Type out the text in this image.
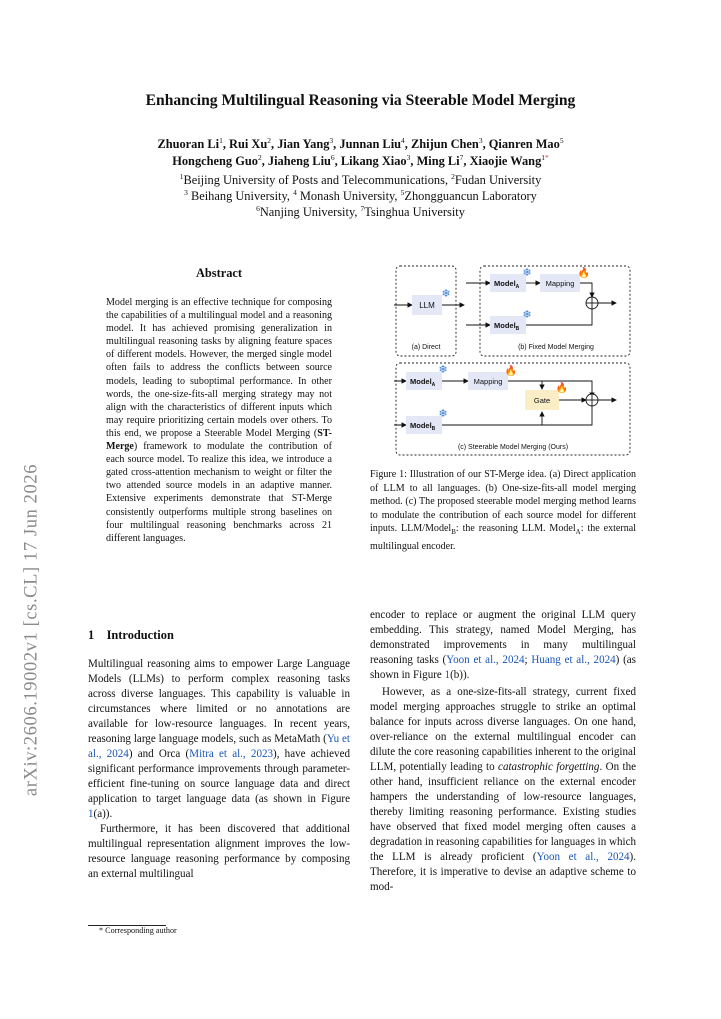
Enhancing Multilingual Reasoning via Steerable Model Merging
Zhuoran Li$^1$, Rui Xu$^2$, Jian Yang$^3$, Junnan Liu$^4$, Zhijun Chen$^3$, Qianren Mao$^5$
Hongcheng Guo$^2$, Jiaheng Liu$^6$, Likang Xiao$^3$, Ming Li$^7$, Xiaojie Wang$^{1*}$
$^1$Beijing University of Posts and Telecommunications, $^2$Fudan University
$^3$ Beihang University, $^4$ Monash University, $^5$Zhongguancun Laboratory
$^6$Nanjing University, $^7$Tsinghua University
arXiv:2606.19002v1 [cs.CL] 17 Jun 2026
Abstract
Model merging is an effective technique for composing the capabilities of a multilingual model and a reasoning model. It has achieved promising generalization in multilingual reasoning tasks by aligning feature spaces of different models. However, the merged single model often fails to address the conflicts between source models, leading to suboptimal performance. In other words, the one-size-fits-all merging strategy may not align with the characteristics of different inputs which may require prioritizing certain models over others. To this end, we propose a Steerable Model Merging (ST-Merge) framework to modulate the contribution of each source model. To realize this idea, we introduce a gated cross-attention mechanism to weight or filter the two attended source models in an adaptive manner. Extensive experiments demonstrate that ST-Merge consistently outperforms multiple strong baselines on four multilingual reasoning benchmarks across 21 different languages.
1 Introduction

Multilingual reasoning aims to empower Large Language Models (LLMs) to perform complex reasoning tasks across diverse languages. This capability is valuable in circumstances where limited or no annotations are available for low-resource languages. In recent years, reasoning large language models, such as MetaMath (Yu et al., 2024) and Orca (Mitra et al., 2023), have achieved significant performance improvements through parameter-efficient fine-tuning on source language data and direct application to target language data (as shown in Figure 1(a)).

Furthermore, it has been discovered that additional multilingual representation alignment improves the low-resource language reasoning performance by composing an external multilingual

* Corresponding author
LLM
❄
(a) Direct
Model$_A$
❄
Mapping
🔥
Model$_B$
❄
(b) Fixed Model Merging
Model$_A$
❄
Mapping
🔥
Gate
🔥
Model$_B$
❄
(c) Steerable Model Merging (Ours)
Figure 1: Illustration of our ST-Merge idea. (a) Direct application of LLM to all languages. (b) One-size-fits-all model merging method. (c) The proposed steerable model merging method learns to modulate the contribution of each source model for different inputs. LLM/Model$_B$: the reasoning LLM. Model$_A$: the external multilingual encoder.

encoder to replace or augment the original LLM query embedding. This strategy, named Model Merging, has demonstrated improvements in many multilingual reasoning tasks (Yoon et al., 2024; Huang et al., 2024) (as shown in Figure 1(b)).

However, as a one-size-fits-all strategy, current fixed model merging approaches struggle to strike an optimal balance for inputs across diverse languages. On one hand, over-reliance on the external multilingual encoder can dilute the core reasoning capabilities inherent to the original LLM, potentially leading to catastrophic forgetting. On the other hand, insufficient reliance on the external encoder hampers the understanding of low-resource languages, thereby limiting reasoning performance. Existing studies have observed that fixed model merging often causes a degradation in reasoning capabilities for languages in which the LLM is already proficient (Yoon et al., 2024). Therefore, it is imperative to devise an adaptive scheme to mod-
